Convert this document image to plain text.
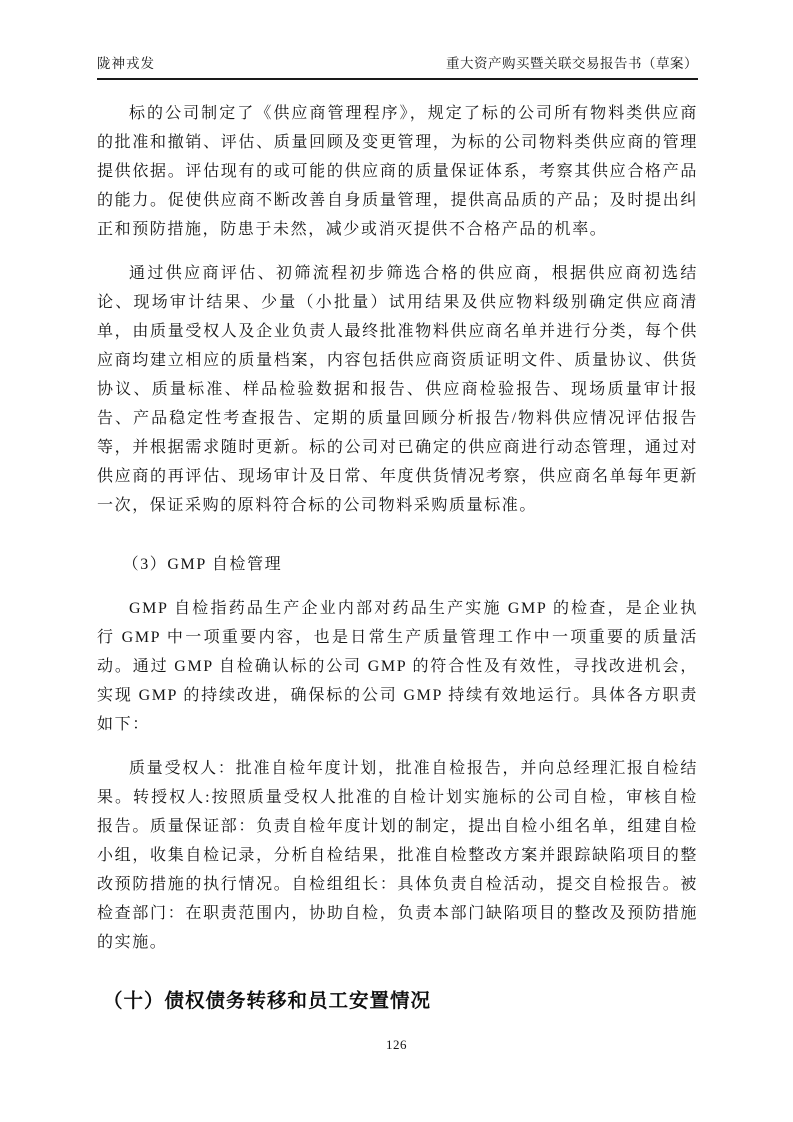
陇神戎发	重大资产购买暨关联交易报告书（草案）

标的公司制定了《供应商管理程序》，规定了标的公司所有物料类供应商的批准和撤销、评估、质量回顾及变更管理，为标的公司物料类供应商的管理提供依据。评估现有的或可能的供应商的质量保证体系，考察其供应合格产品的能力。促使供应商不断改善自身质量管理，提供高品质的产品；及时提出纠正和预防措施，防患于未然，减少或消灭提供不合格产品的机率。

通过供应商评估、初筛流程初步筛选合格的供应商，根据供应商初选结论、现场审计结果、少量（小批量）试用结果及供应物料级别确定供应商清单，由质量受权人及企业负责人最终批准物料供应商名单并进行分类，每个供应商均建立相应的质量档案，内容包括供应商资质证明文件、质量协议、供货协议、质量标准、样品检验数据和报告、供应商检验报告、现场质量审计报告、产品稳定性考查报告、定期的质量回顾分析报告/物料供应情况评估报告等，并根据需求随时更新。标的公司对已确定的供应商进行动态管理，通过对供应商的再评估、现场审计及日常、年度供货情况考察，供应商名单每年更新一次，保证采购的原料符合标的公司物料采购质量标准。

（3）GMP 自检管理

GMP 自检指药品生产企业内部对药品生产实施 GMP 的检查，是企业执行 GMP 中一项重要内容，也是日常生产质量管理工作中一项重要的质量活动。通过 GMP 自检确认标的公司 GMP 的符合性及有效性，寻找改进机会，实现 GMP 的持续改进，确保标的公司 GMP 持续有效地运行。具体各方职责如下：

质量受权人：批准自检年度计划，批准自检报告，并向总经理汇报自检结果。转授权人:按照质量受权人批准的自检计划实施标的公司自检，审核自检报告。质量保证部：负责自检年度计划的制定，提出自检小组名单，组建自检小组，收集自检记录，分析自检结果，批准自检整改方案并跟踪缺陷项目的整改预防措施的执行情况。自检组组长：具体负责自检活动，提交自检报告。被检查部门：在职责范围内，协助自检，负责本部门缺陷项目的整改及预防措施的实施。

（十）债权债务转移和员工安置情况
126
